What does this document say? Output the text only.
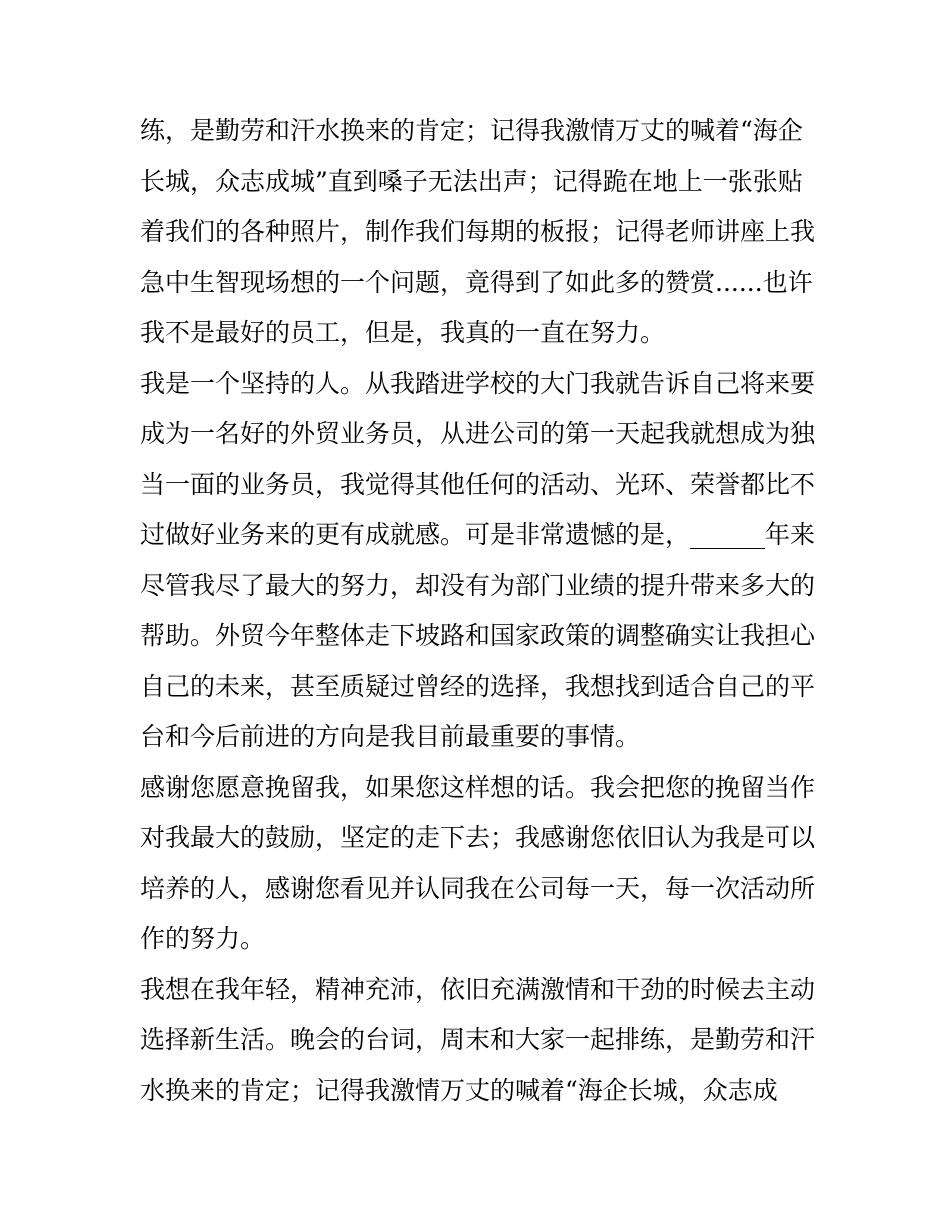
练，是勤劳和汗水换来的肯定；记得我激情万丈的喊着“海企
长城，众志成城”直到嗓子无法出声；记得跪在地上一张张贴
着我们的各种照片，制作我们每期的板报；记得老师讲座上我
急中生智现场想的一个问题，竟得到了如此多的赞赏......也许
我不是最好的员工，但是，我真的一直在努力。
我是一个坚持的人。从我踏进学校的大门我就告诉自己将来要
成为一名好的外贸业务员，从进公司的第一天起我就想成为独
当一面的业务员，我觉得其他任何的活动、光环、荣誉都比不
过做好业务来的更有成就感。可是非常遗憾的是，______年来
尽管我尽了最大的努力，却没有为部门业绩的提升带来多大的
帮助。外贸今年整体走下坡路和国家政策的调整确实让我担心
自己的未来，甚至质疑过曾经的选择，我想找到适合自己的平
台和今后前进的方向是我目前最重要的事情。
感谢您愿意挽留我，如果您这样想的话。我会把您的挽留当作
对我最大的鼓励，坚定的走下去；我感谢您依旧认为我是可以
培养的人，感谢您看见并认同我在公司每一天，每一次活动所
作的努力。
我想在我年轻，精神充沛，依旧充满激情和干劲的时候去主动
选择新生活。晚会的台词，周末和大家一起排练，是勤劳和汗
水换来的肯定；记得我激情万丈的喊着“海企长城，众志成
